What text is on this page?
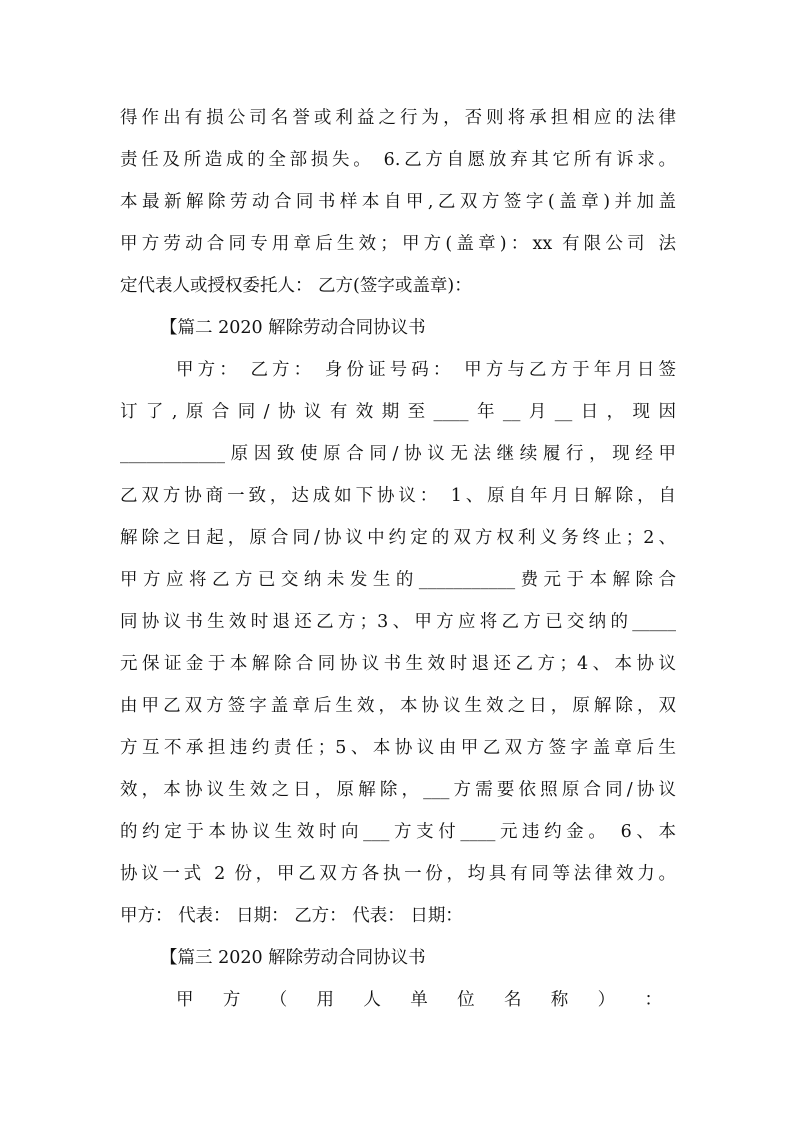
得作出有损公司名誉或利益之行为，否则将承担相应的法律
责任及所造成的全部损失。 6.乙方自愿放弃其它所有诉求。
本最新解除劳动合同书样本自甲,乙双方签字(盖章)并加盖
甲方劳动合同专用章后生效；甲方(盖章)：xx 有限公司 法
定代表人或授权委托人： 乙方(签字或盖章)：
【篇二 2020 解除劳动合同协议书
甲方： 乙方： 身份证号码： 甲方与乙方于年月日签
订了,原合同/协议有效期至____年__月__日，现因
____________原因致使原合同/协议无法继续履行，现经甲
乙双方协商一致，达成如下协议： 1、原自年月日解除，自
解除之日起，原合同/协议中约定的双方权利义务终止；2、
甲方应将乙方已交纳未发生的___________费元于本解除合
同协议书生效时退还乙方；3、甲方应将乙方已交纳的_____
元保证金于本解除合同协议书生效时退还乙方；4、本协议
由甲乙双方签字盖章后生效，本协议生效之日，原解除，双
方互不承担违约责任；5、本协议由甲乙双方签字盖章后生
效，本协议生效之日，原解除，___方需要依照原合同/协议
的约定于本协议生效时向___方支付____元违约金。 6、本
协议一式 2 份，甲乙双方各执一份，均具有同等法律效力。
甲方： 代表： 日期： 乙方： 代表： 日期：
【篇三 2020 解除劳动合同协议书
甲 方 （ 用 人 单 位 名 称 ） ：
